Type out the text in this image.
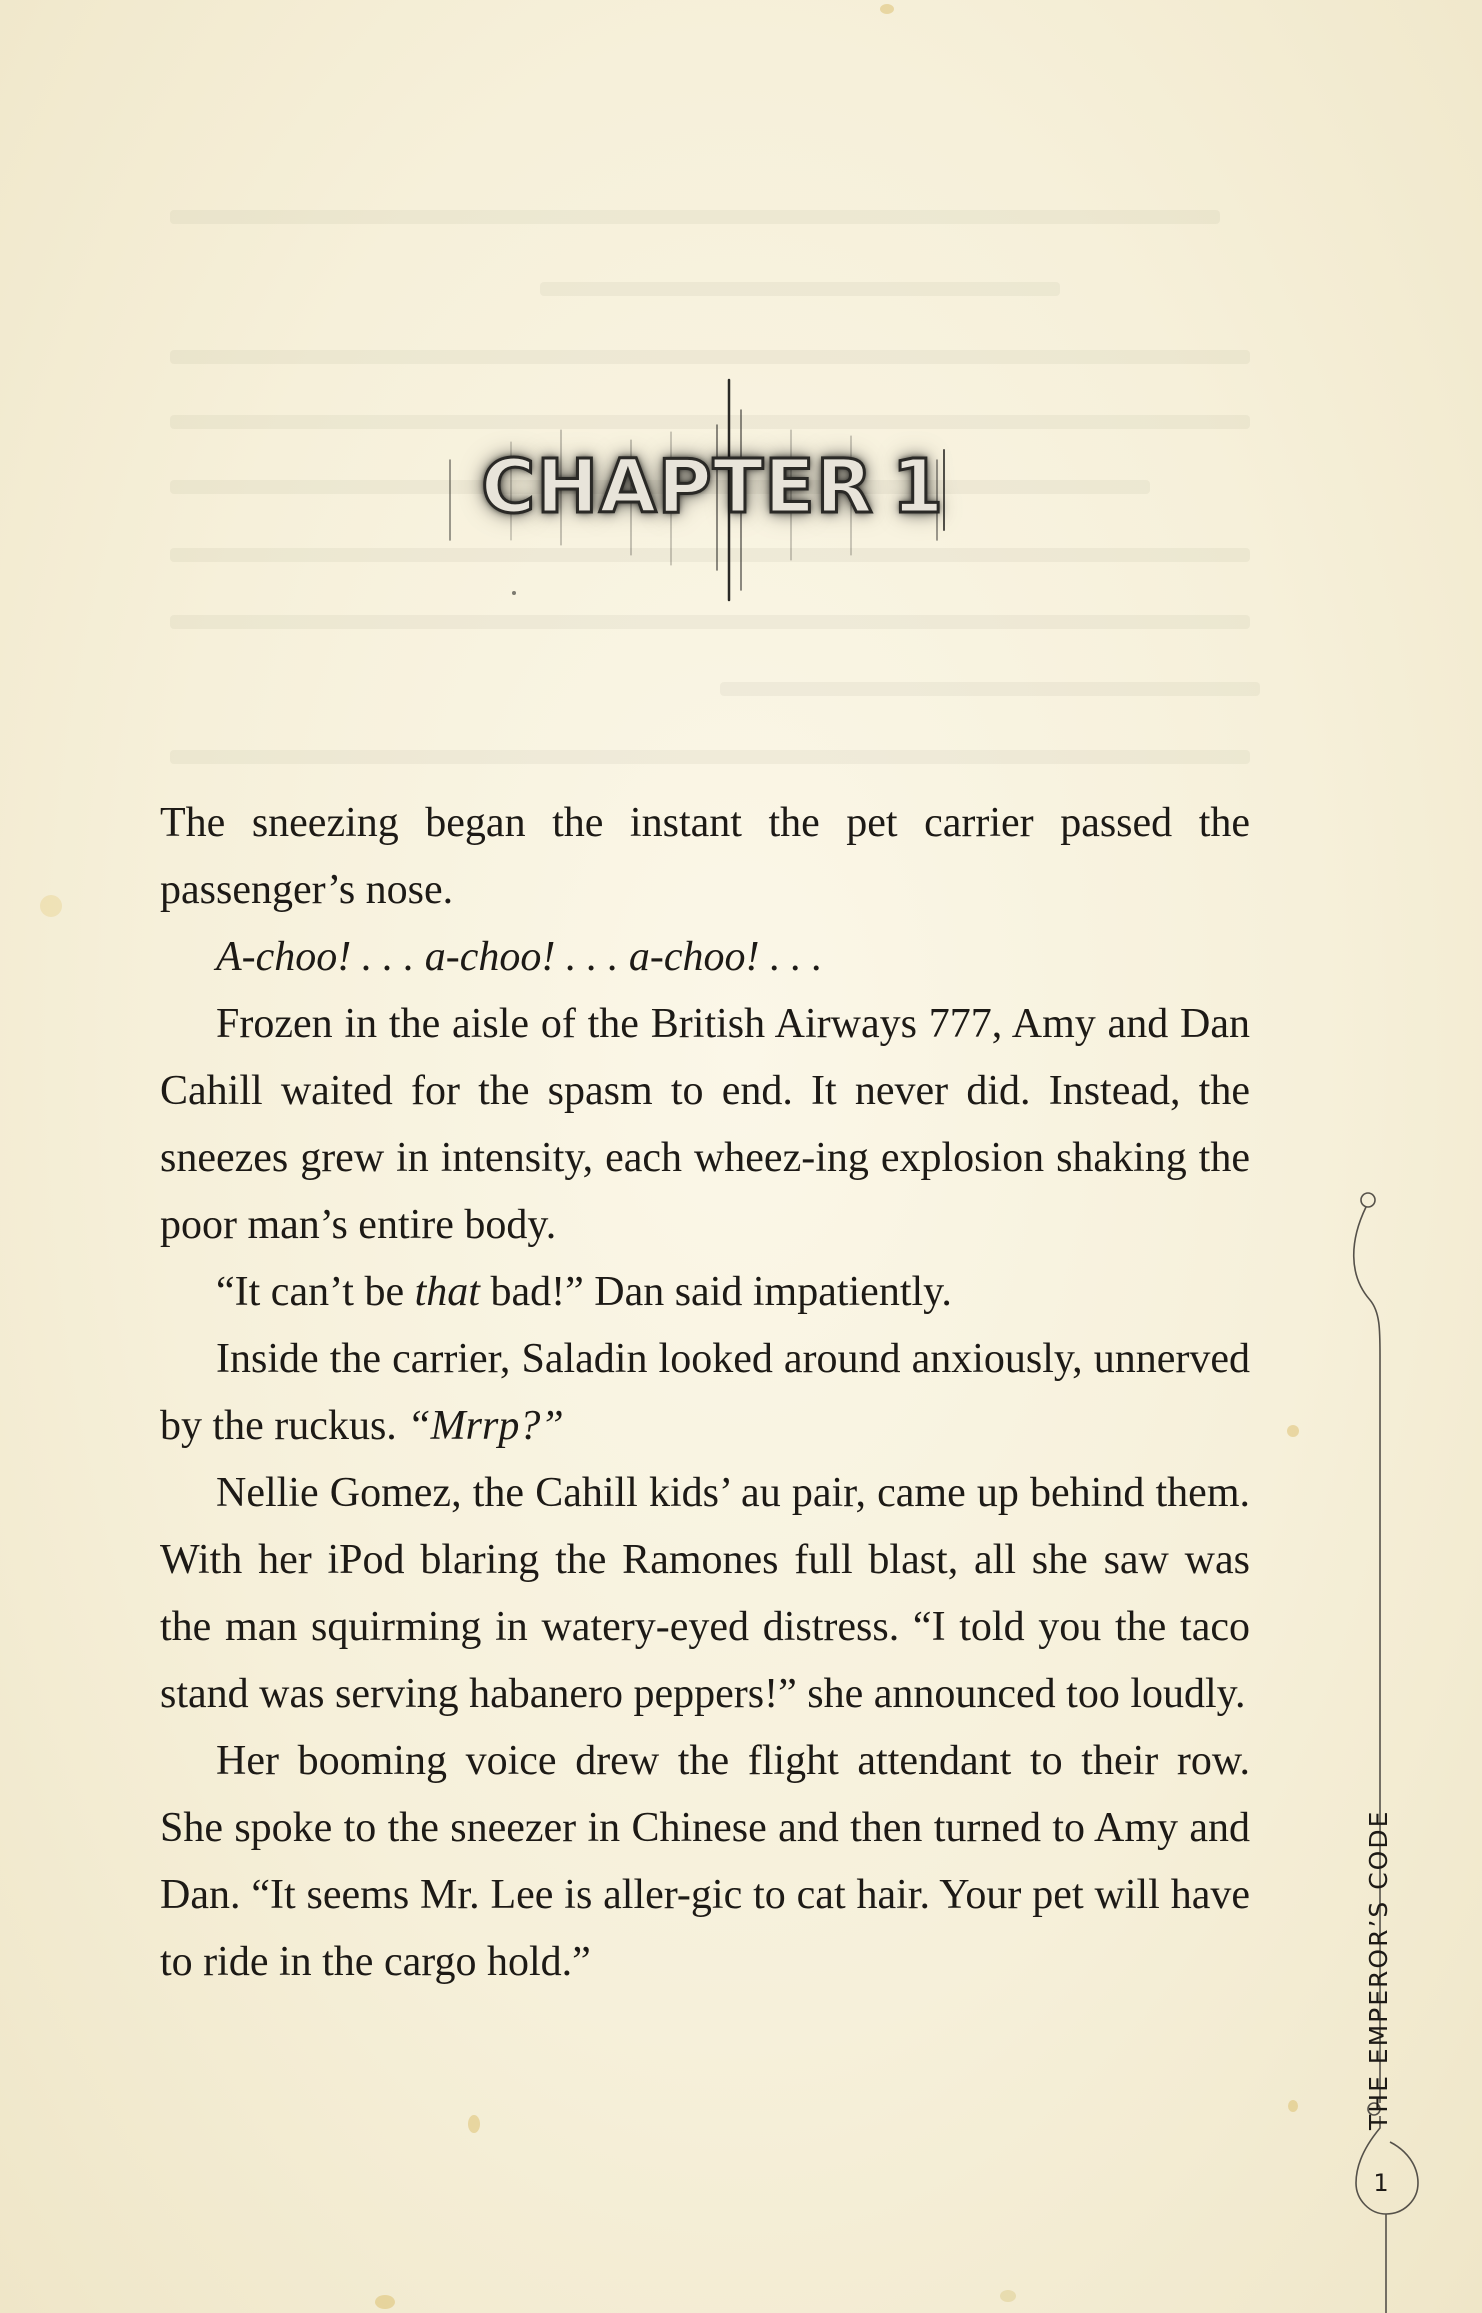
CHAPTER 1

The sneezing began the instant the pet carrier passed the passenger’s nose.

A-choo! . . . a-choo! . . . a-choo! . . .

Frozen in the aisle of the British Airways 777, Amy and Dan Cahill waited for the spasm to end. It never did. Instead, the sneezes grew in intensity, each wheez-ing explosion shaking the poor man’s entire body.

“It can’t be that bad!” Dan said impatiently.

Inside the carrier, Saladin looked around anxiously, unnerved by the ruckus. “Mrrp?”

Nellie Gomez, the Cahill kids’ au pair, came up behind them. With her iPod blaring the Ramones full blast, all she saw was the man squirming in watery-eyed distress. “I told you the taco stand was serving habanero peppers!” she announced too loudly.

Her booming voice drew the flight attendant to their row. She spoke to the sneezer in Chinese and then turned to Amy and Dan. “It seems Mr. Lee is aller-gic to cat hair. Your pet will have to ride in the cargo hold.”	THE EMPEROR’S CODE
1
